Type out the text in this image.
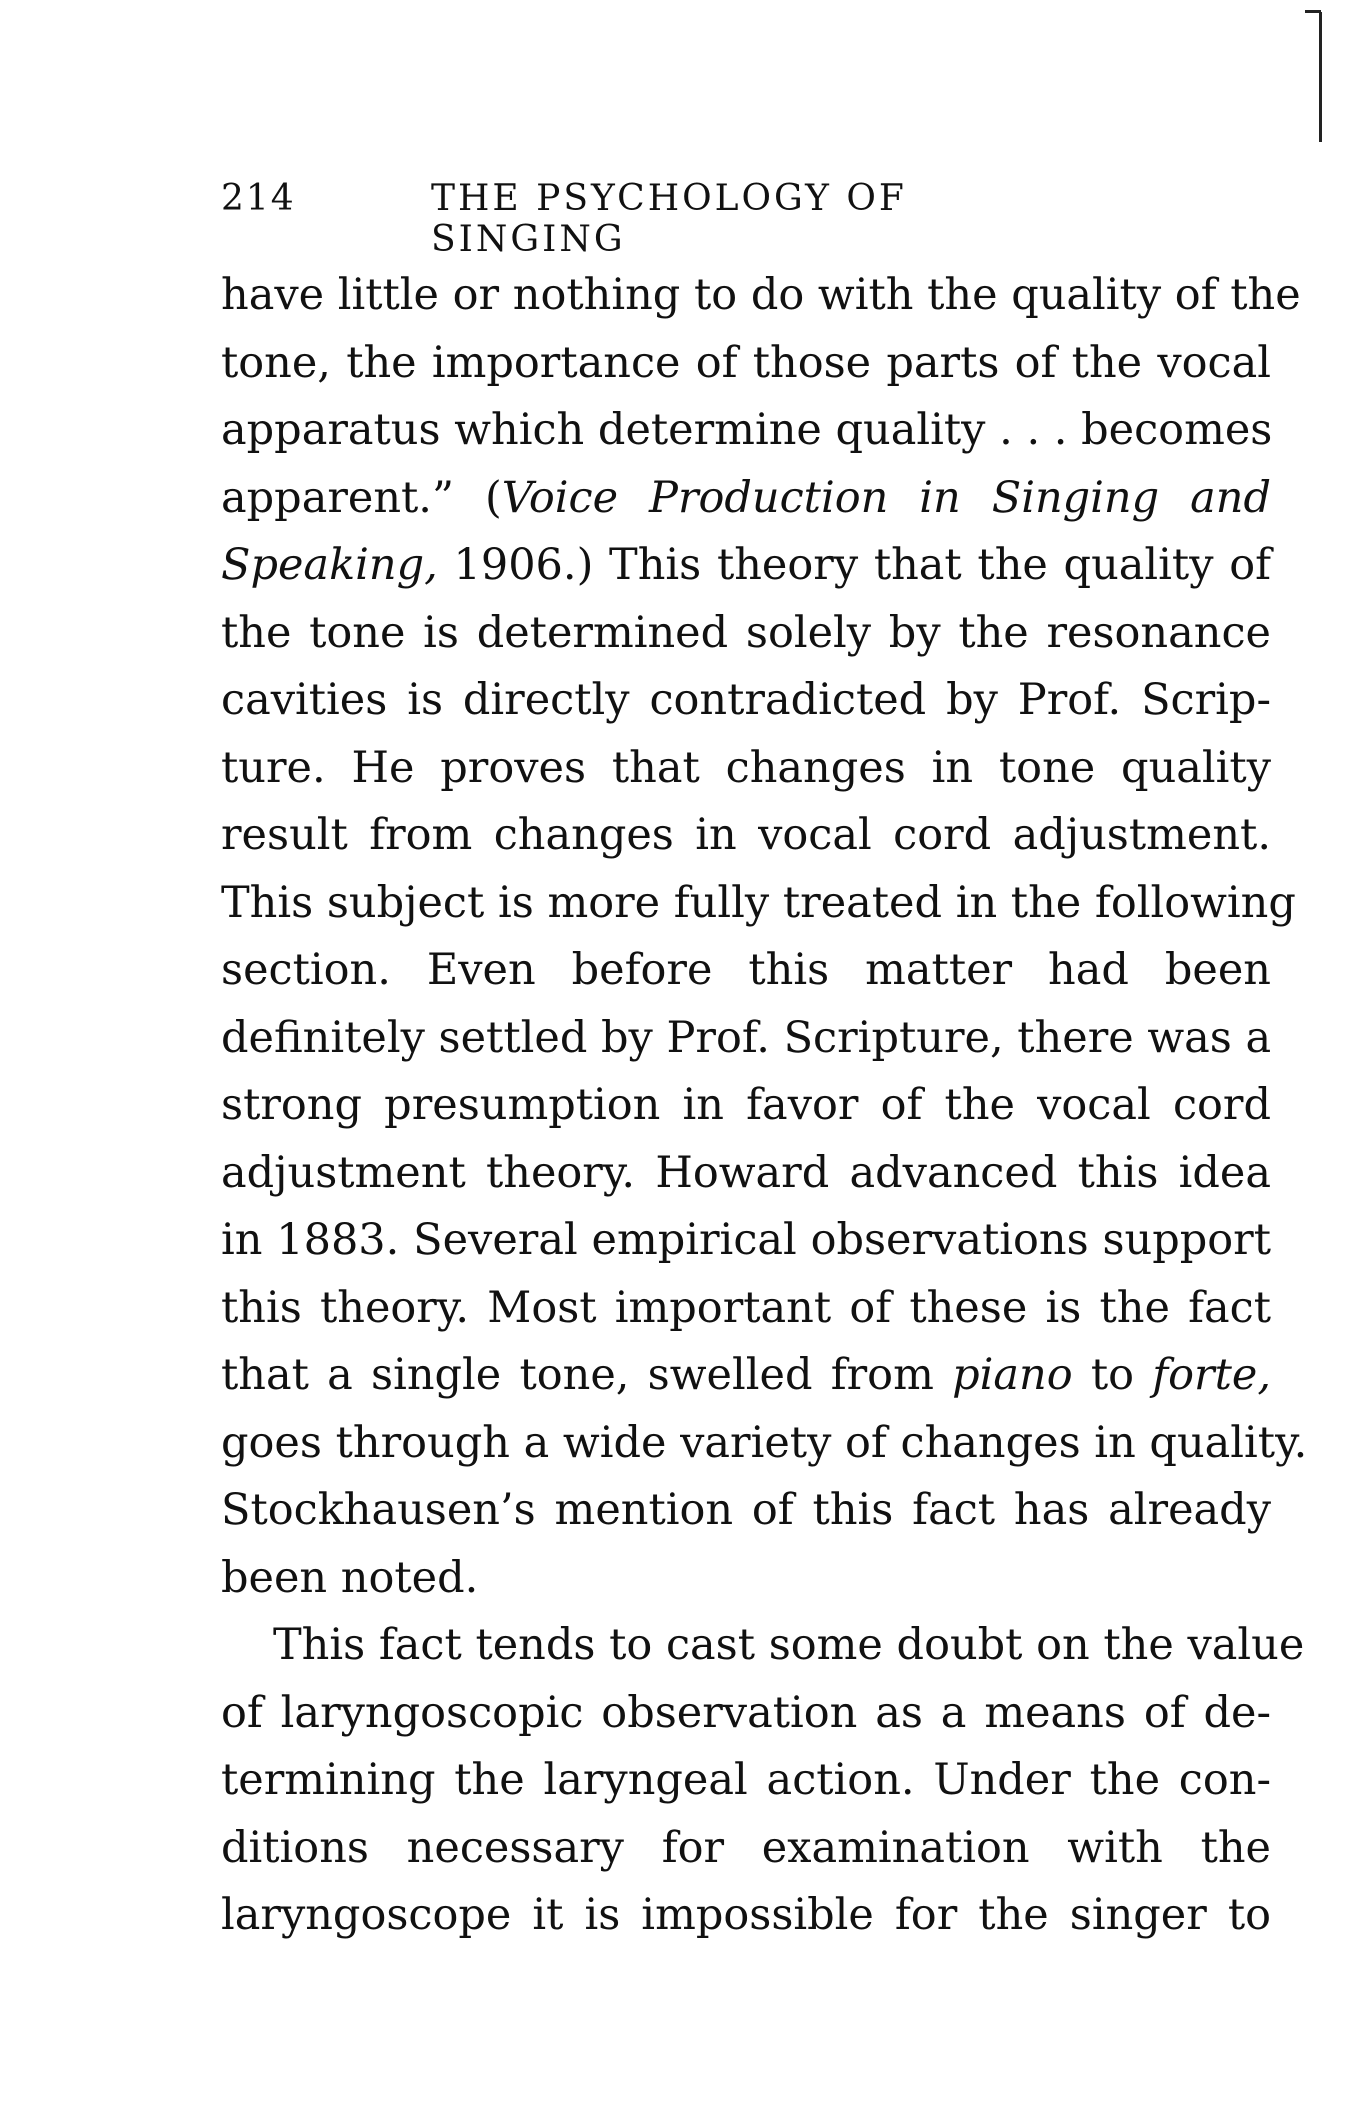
214	THE PSYCHOLOGY OF SINGING
have little or nothing to do with the quality of the
tone, the importance of those parts of the vocal
apparatus which determine quality . . . becomes
apparent.” (Voice Production in Singing and
Speaking, 1906.) This theory that the quality of
the tone is determined solely by the resonance
cavities is directly contradicted by Prof. Scrip-
ture. He proves that changes in tone quality
result from changes in vocal cord adjustment.
This subject is more fully treated in the following
section. Even before this matter had been
definitely settled by Prof. Scripture, there was a
strong presumption in favor of the vocal cord
adjustment theory. Howard advanced this idea
in 1883. Several empirical observations support
this theory. Most important of these is the fact
that a single tone, swelled from piano to forte,
goes through a wide variety of changes in quality.
Stockhausen’s mention of this fact has already
been noted.
This fact tends to cast some doubt on the value
of laryngoscopic observation as a means of de-
termining the laryngeal action. Under the con-
ditions necessary for examination with the
laryngoscope it is impossible for the singer to
